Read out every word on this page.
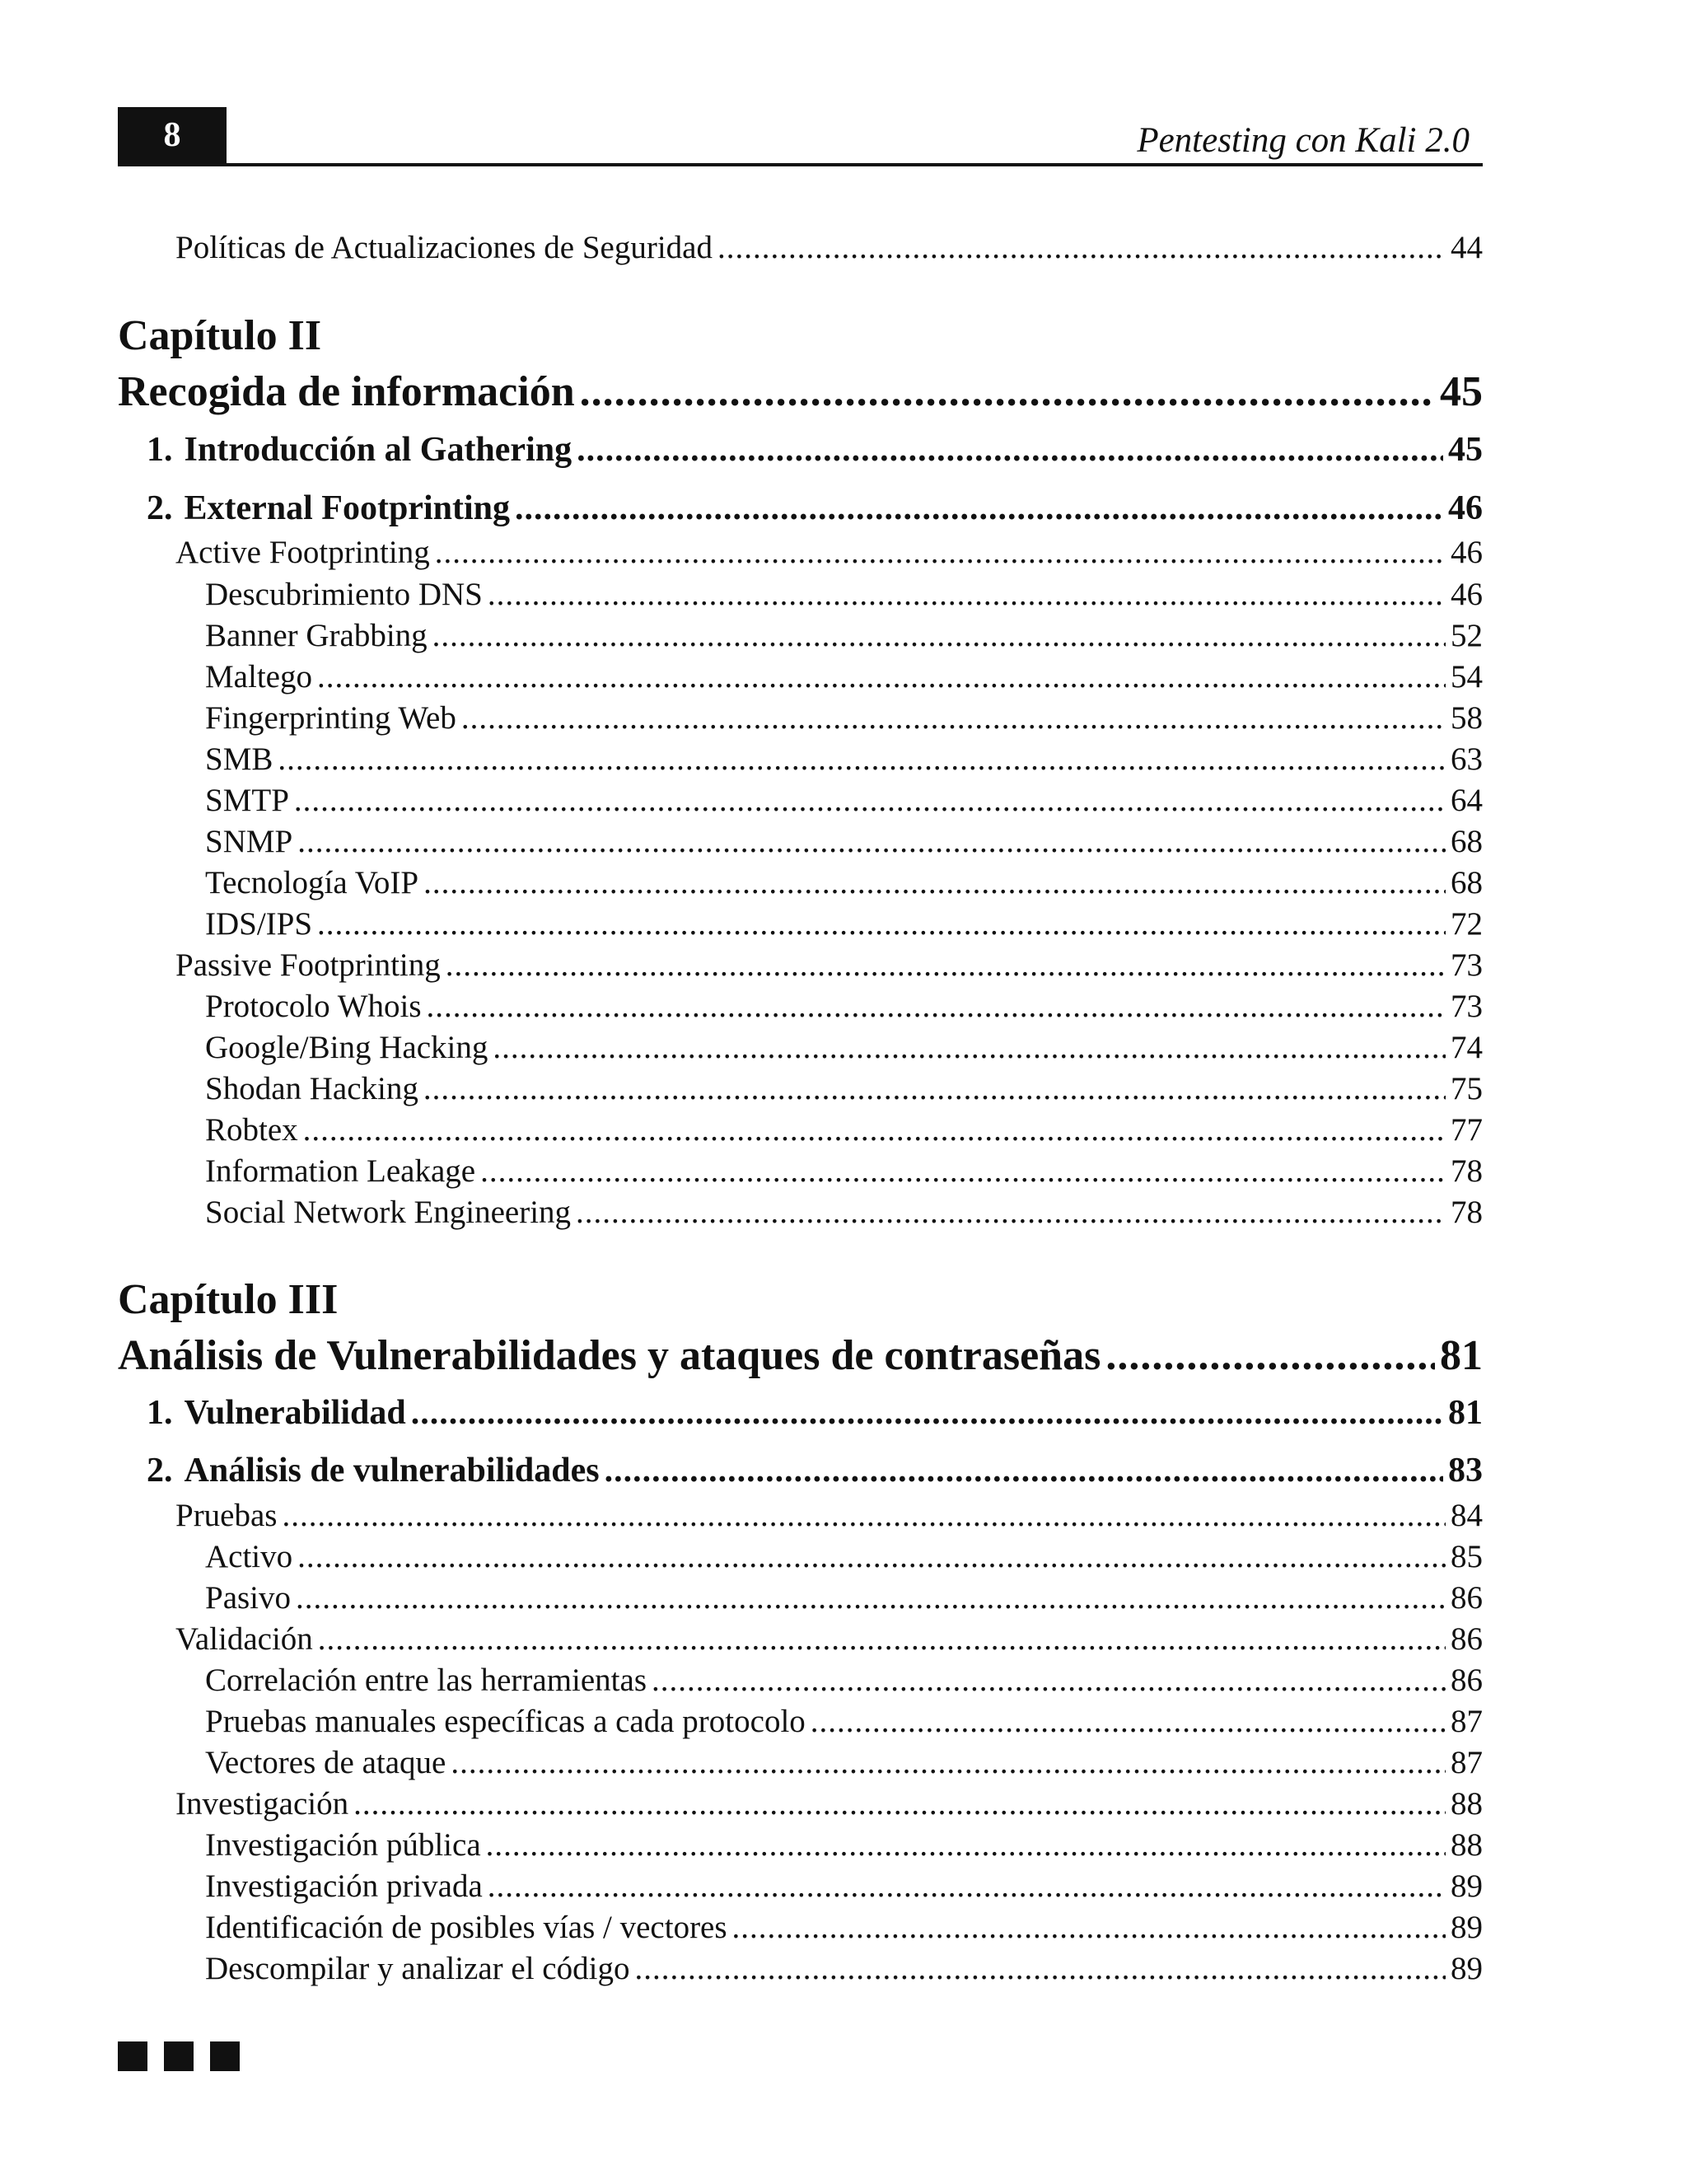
8	Pentesting con Kali 2.0
Políticas de Actualizaciones de Seguridad .....	44
Capítulo II
Recogida de información .....	45
1. Introducción al Gathering .....	45
2. External Footprinting .....	46
Active Footprinting .....	46
Descubrimiento DNS .....	46
Banner Grabbing .....	52
Maltego .....	54
Fingerprinting Web .....	58
SMB .....	63
SMTP .....	64
SNMP .....	68
Tecnología VoIP .....	68
IDS/IPS .....	72
Passive Footprinting .....	73
Protocolo Whois .....	73
Google/Bing Hacking .....	74
Shodan Hacking .....	75
Robtex .....	77
Information Leakage .....	78
Social Network Engineering .....	78
Capítulo III
Análisis de Vulnerabilidades y ataques de contraseñas .....	81
1. Vulnerabilidad .....	81
2. Análisis de vulnerabilidades .....	83
Pruebas .....	84
Activo .....	85
Pasivo .....	86
Validación .....	86
Correlación entre las herramientas .....	86
Pruebas manuales específicas a cada protocolo .....	87
Vectores de ataque .....	87
Investigación .....	88
Investigación pública .....	88
Investigación privada .....	89
Identificación de posibles vías / vectores .....	89
Descompilar y analizar el código .....	89
